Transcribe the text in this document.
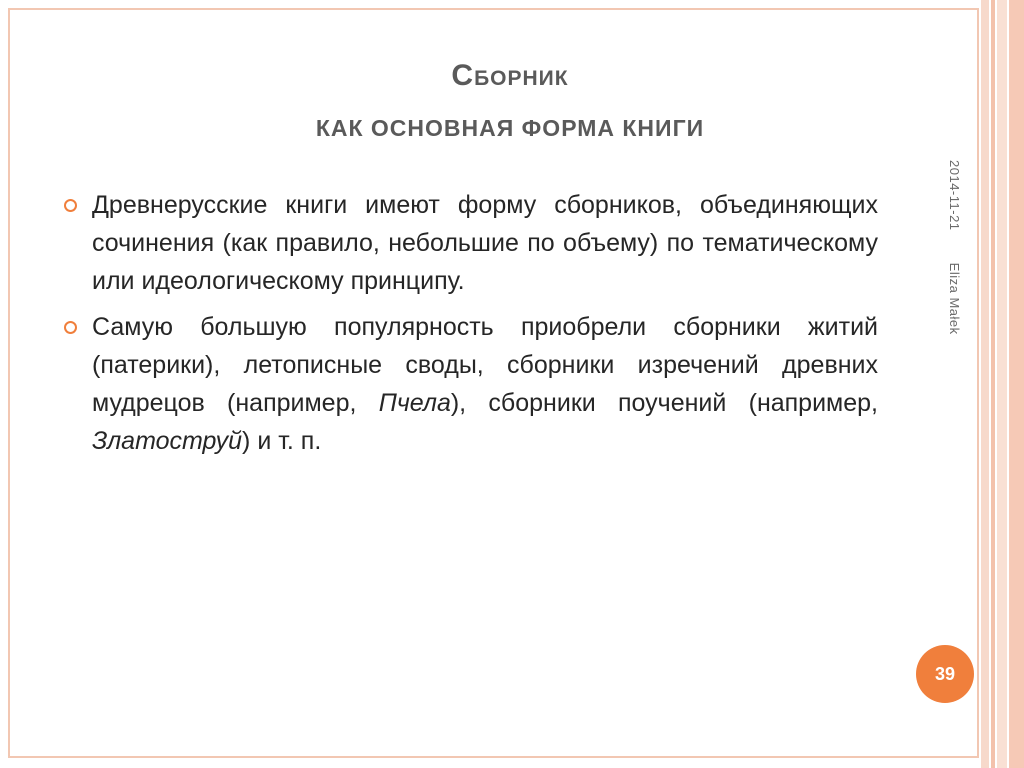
Сборник
КАК ОСНОВНАЯ ФОРМА КНИГИ
2014-11-21 Eliza Małek
Древнерусские книги имеют форму сборников, объединяющих сочинения (как правило, небольшие по объему) по тематическому или идеологическому принципу.
Самую большую популярность приобрели сборники житий (патерики), летописные своды, сборники изречений древних мудрецов (например, Пчела), сборники поучений (например, Златоструй) и т. п.
39
